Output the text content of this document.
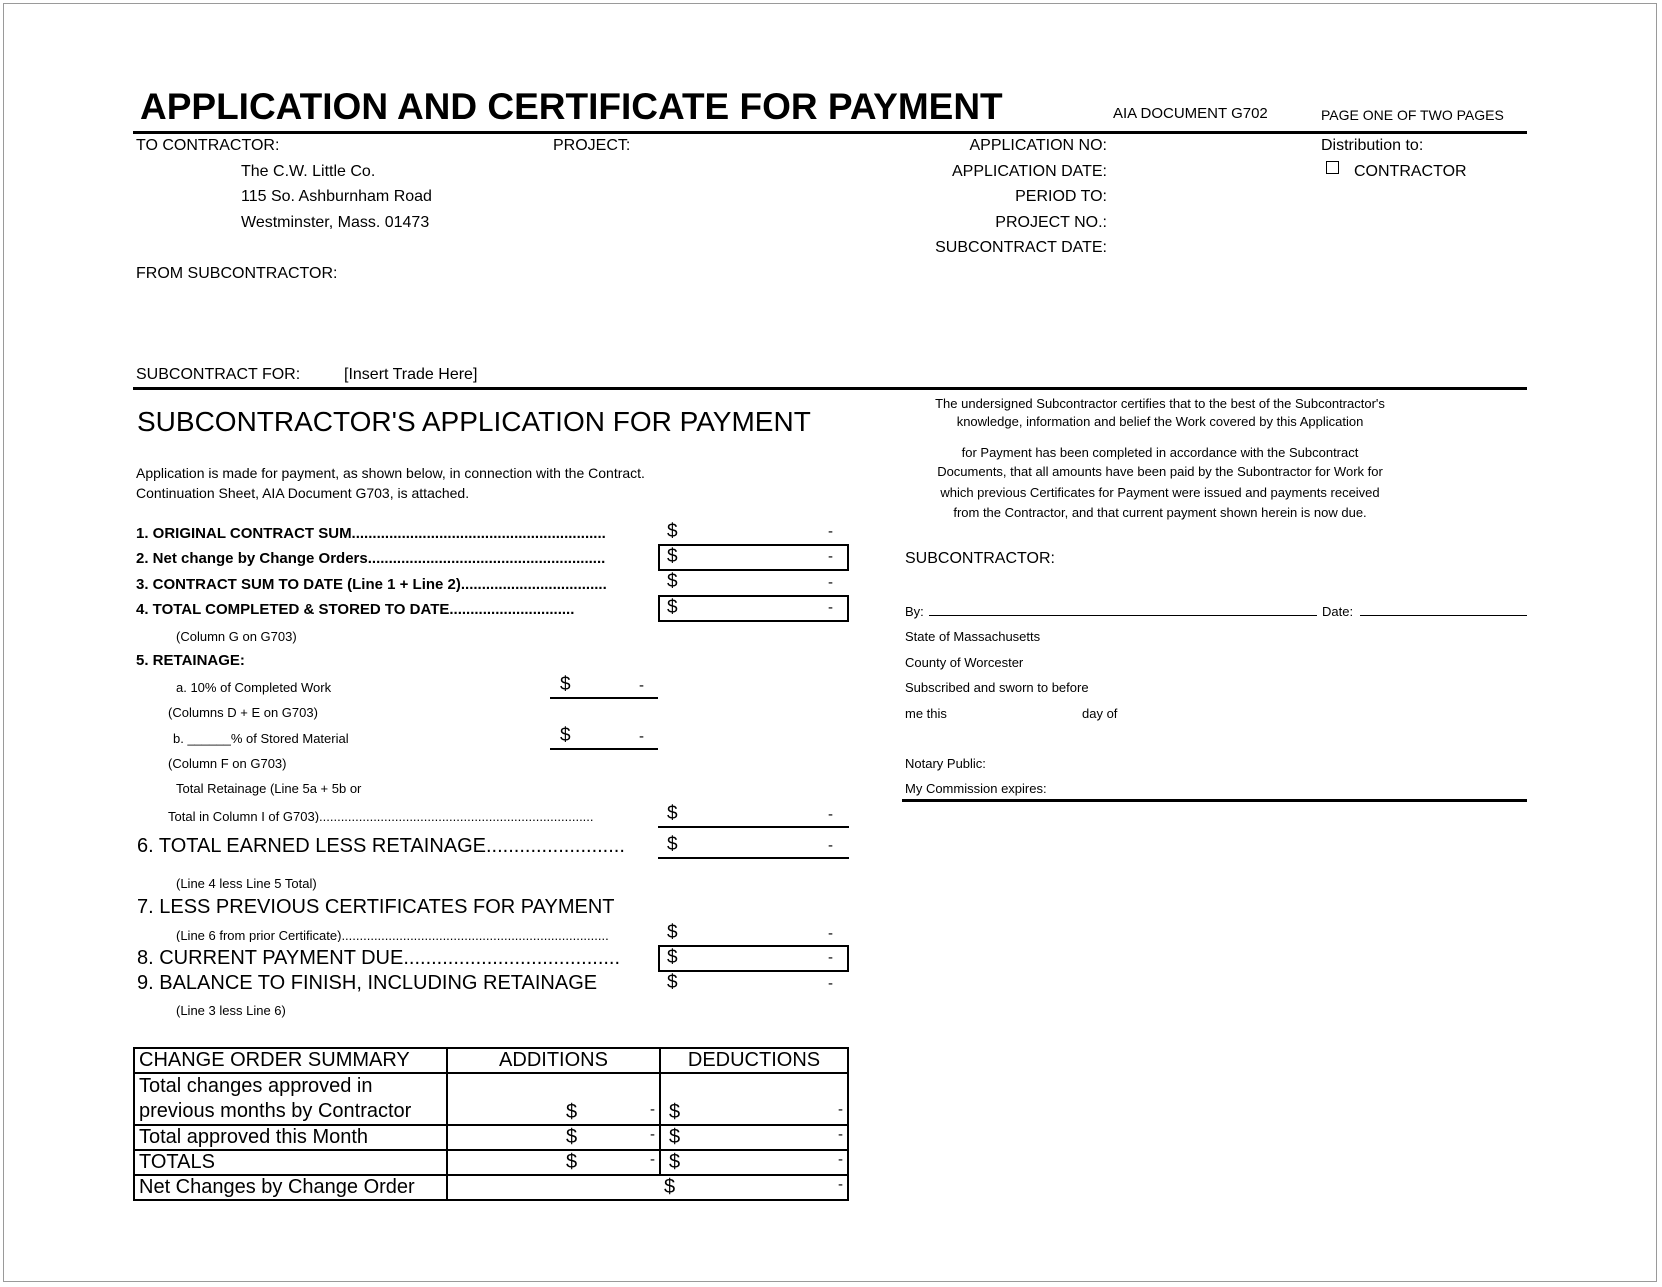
APPLICATION AND CERTIFICATE FOR PAYMENT	AIA DOCUMENT G702	PAGE ONE OF TWO PAGES
TO CONTRACTOR:
The C.W. Little Co.
115 So. Ashburnham Road
Westminster, Mass. 01473
PROJECT:	APPLICATION NO:
APPLICATION DATE:
PERIOD TO:
PROJECT NO.:
SUBCONTRACT DATE:
Distribution to:
CONTRACTOR
FROM SUBCONTRACTOR:
SUBCONTRACT FOR:	[Insert Trade Here]
SUBCONTRACTOR'S APPLICATION FOR PAYMENT
Application is made for payment, as shown below, in connection with the Contract.
Continuation Sheet, AIA Document G703, is attached.
1. ORIGINAL CONTRACT SUM.............................................................	$	-
2. Net change by Change Orders.........................................................	$	-
3. CONTRACT SUM TO DATE (Line 1 + Line 2)...................................	$	-
4. TOTAL COMPLETED & STORED TO DATE..............................	$	-
(Column G on G703)
5. RETAINAGE:
a. 10% of Completed Work	$	-
(Columns D + E on G703)
b. ______% of Stored Material	$	-
(Column F on G703)
Total Retainage (Line 5a + 5b or
Total in Column I of G703)............................................................................	$	-
6. TOTAL EARNED LESS RETAINAGE.........................	$	-
(Line 4 less Line 5 Total)
7. LESS PREVIOUS CERTIFICATES FOR PAYMENT
(Line 6 from prior Certificate)..........................................................................	$	-
8. CURRENT PAYMENT DUE.......................................	$	-
9. BALANCE TO FINISH, INCLUDING RETAINAGE	$	-
(Line 3 less Line 6)
CHANGE ORDER SUMMARY	ADDITIONS	DEDUCTIONS
Total changes approved in
previous months by Contractor	$ -	$ -

Total approved this Month	$ -	$ -

TOTALS	$ -	$ -

Net Changes by Change Order	$ -	
The undersigned Subcontractor certifies that to the best of the Subcontractor's
knowledge, information and belief the Work covered by this Application
for Payment has been completed in accordance with the Subcontract
Documents, that all amounts have been paid by the Subontractor for Work for
which previous Certificates for Payment were issued and payments received
from the Contractor, and that current payment shown herein is now due.
SUBCONTRACTOR:
By:	Date:
State of Massachusetts
County of Worcester
Subscribed and sworn to before
me this	day of
Notary Public:
My Commission expires:
